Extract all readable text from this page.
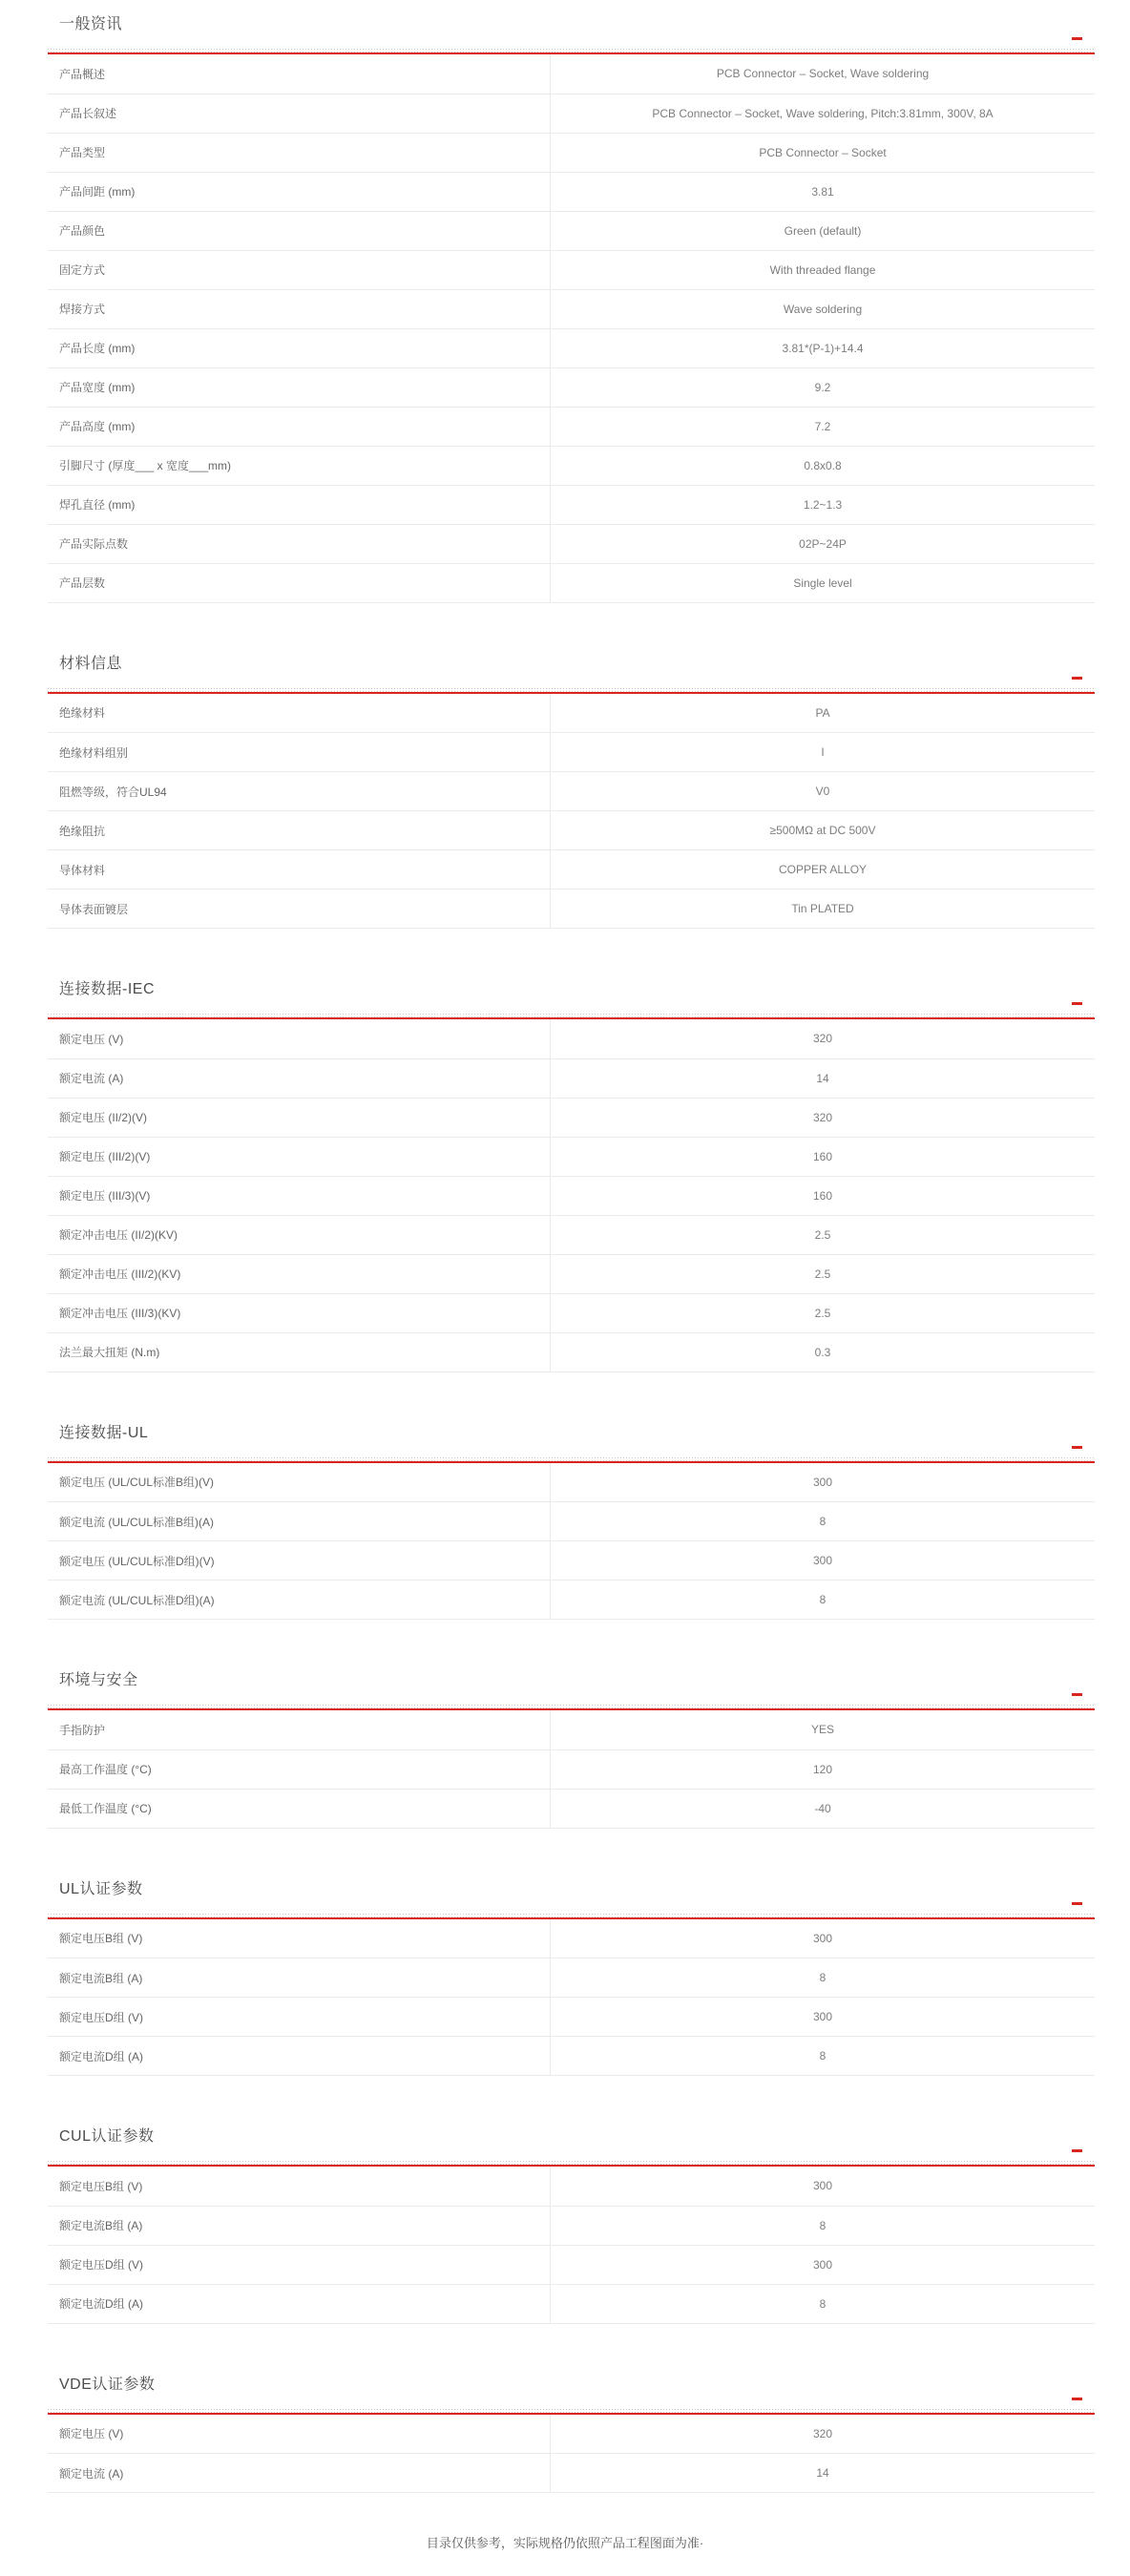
一般资讯
产品概述	PCB Connector – Socket, Wave soldering
产品长叙述	PCB Connector – Socket, Wave soldering, Pitch:3.81mm, 300V, 8A
产品类型	PCB Connector – Socket
产品间距 (mm)	3.81
产品颜色	Green (default)
固定方式	With threaded flange
焊接方式	Wave soldering
产品长度 (mm)	3.81*(P-1)+14.4
产品宽度 (mm)	9.2
产品高度 (mm)	7.2
引脚尺寸 (厚度___ x 宽度___mm)	0.8x0.8
焊孔直径 (mm)	1.2~1.3
产品实际点数	02P~24P
产品层数	Single level
材料信息
绝缘材料	PA
绝缘材料组别	I
阻燃等级，符合UL94	V0
绝缘阻抗	≥500MΩ at DC 500V
导体材料	COPPER ALLOY
导体表面镀层	Tin PLATED
连接数据-IEC
额定电压 (V)	320
额定电流 (A)	14
额定电压 (II/2)(V)	320
额定电压 (III/2)(V)	160
额定电压 (III/3)(V)	160
额定冲击电压 (II/2)(KV)	2.5
额定冲击电压 (III/2)(KV)	2.5
额定冲击电压 (III/3)(KV)	2.5
法兰最大扭矩 (N.m)	0.3
连接数据-UL
额定电压 (UL/CUL标准B组)(V)	300
额定电流 (UL/CUL标准B组)(A)	8
额定电压 (UL/CUL标准D组)(V)	300
额定电流 (UL/CUL标准D组)(A)	8
环境与安全
手指防护	YES
最高工作温度 (°C)	120
最低工作温度 (°C)	-40
UL认证参数
额定电压B组 (V)	300
额定电流B组 (A)	8
额定电压D组 (V)	300
额定电流D组 (A)	8
CUL认证参数
额定电压B组 (V)	300
额定电流B组 (A)	8
额定电压D组 (V)	300
额定电流D组 (A)	8
VDE认证参数
额定电压 (V)	320
额定电流 (A)	14
目录仅供参考，实际规格仍依照产品工程图面为准·
